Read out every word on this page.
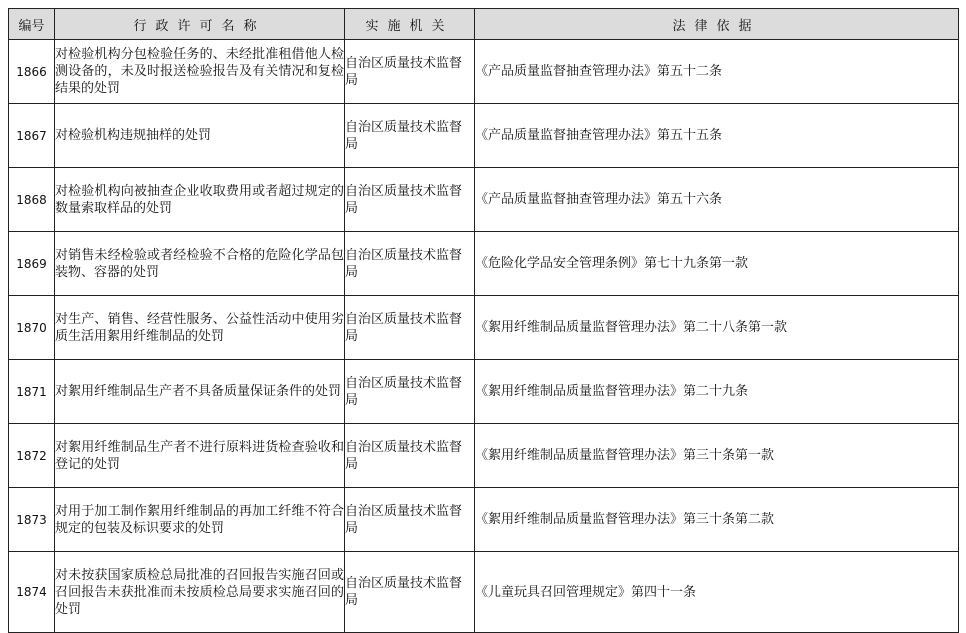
编号	行政许可名称	实施机关	法律依据
1866	对检验机构分包检验任务的、未经批准租借他人检测设备的，未及时报送检验报告及有关情况和复检结果的处罚	自治区质量技术监督局	《产品质量监督抽查管理办法》第五十二条
1867	对检验机构违规抽样的处罚	自治区质量技术监督局	《产品质量监督抽查管理办法》第五十五条
1868	对检验机构向被抽查企业收取费用或者超过规定的数量索取样品的处罚	自治区质量技术监督局	《产品质量监督抽查管理办法》第五十六条
1869	对销售未经检验或者经检验不合格的危险化学品包装物、容器的处罚	自治区质量技术监督局	《危险化学品安全管理条例》第七十九条第一款
1870	对生产、销售、经营性服务、公益性活动中使用劣质生活用絮用纤维制品的处罚	自治区质量技术监督局	《絮用纤维制品质量监督管理办法》第二十八条第一款
1871	对絮用纤维制品生产者不具备质量保证条件的处罚	自治区质量技术监督局	《絮用纤维制品质量监督管理办法》第二十九条
1872	对絮用纤维制品生产者不进行原料进货检查验收和登记的处罚	自治区质量技术监督局	《絮用纤维制品质量监督管理办法》第三十条第一款
1873	对用于加工制作絮用纤维制品的再加工纤维不符合规定的包装及标识要求的处罚	自治区质量技术监督局	《絮用纤维制品质量监督管理办法》第三十条第二款
1874	对未按获国家质检总局批准的召回报告实施召回或召回报告未获批准而未按质检总局要求实施召回的处罚	自治区质量技术监督局	《儿童玩具召回管理规定》第四十一条
